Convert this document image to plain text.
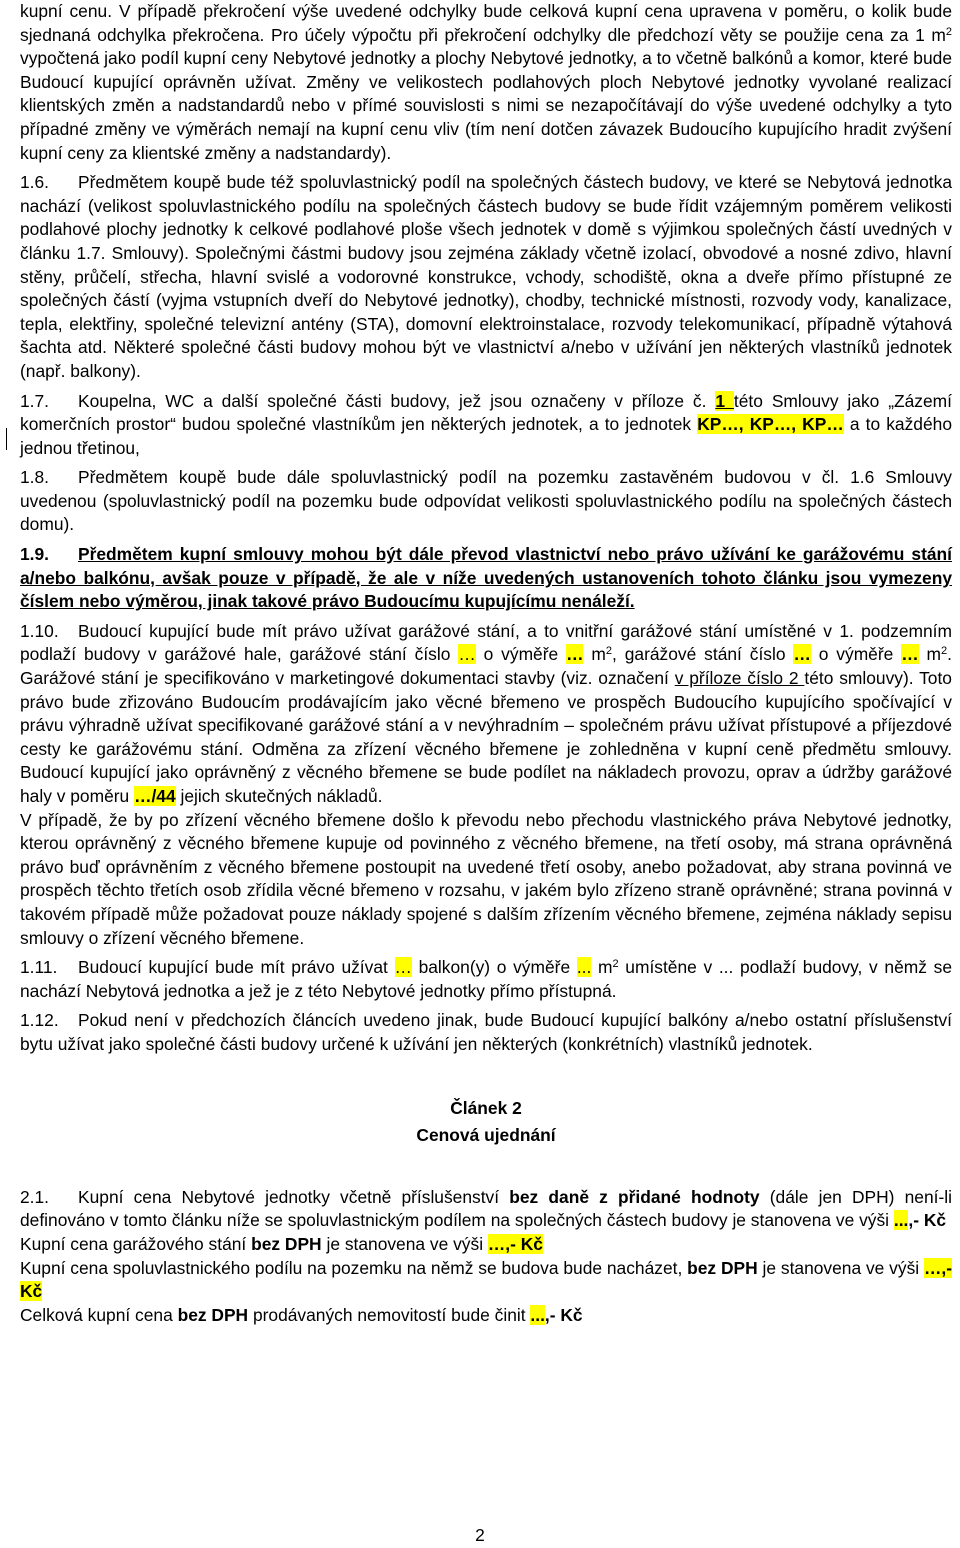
kupní cenu. V případě překročení výše uvedené odchylky bude celková kupní cena upravena v poměru, o kolik bude sjednaná odchylka překročena. Pro účely výpočtu při překročení odchylky dle předchozí věty se použije cena za 1 $m^2$ vypočtená jako podíl kupní ceny Nebytové jednotky a plochy Nebytové jednotky, a to včetně balkónů a komor, které bude Budoucí kupující oprávněn užívat. Změny ve velikostech podlahových ploch Nebytové jednotky vyvolané realizací klientských změn a nadstandardů nebo v přímé souvislosti s nimi se nezapočítávají do výše uvedené odchylky a tyto případné změny ve výměrách nemají na kupní cenu vliv (tím není dotčen závazek Budoucího kupujícího hradit zvýšení kupní ceny za klientské změny a nadstandardy).

1.6. Předmětem koupě bude též spoluvlastnický podíl na společných částech budovy, ve které se Nebytová jednotka nachází (velikost spoluvlastnického podílu na společných částech budovy se bude řídit vzájemným poměrem velikosti podlahové plochy jednotky k celkové podlahové ploše všech jednotek v domě s výjimkou společných částí uvedných v článku 1.7. Smlouvy). Společnými částmi budovy jsou zejména základy včetně izolací, obvodové a nosné zdivo, hlavní stěny, průčelí, střecha, hlavní svislé a vodorovné konstrukce, vchody, schodiště, okna a dveře přímo přístupné ze společných částí (vyjma vstupních dveří do Nebytové jednotky), chodby, technické místnosti, rozvody vody, kanalizace, tepla, elektřiny, společné televizní antény (STA), domovní elektroinstalace, rozvody telekomunikací, případně výtahová šachta atd. Některé společné části budovy mohou být ve vlastnictví a/nebo v užívání jen některých vlastníků jednotek (např. balkony).

1.7. Koupelna, WC a další společné části budovy, jež jsou označeny v příloze č. 1 této Smlouvy jako „Zázemí komerčních prostor“ budou společné vlastníkům jen některých jednotek, a to jednotek KP…, KP…, KP… a to každého jednou třetinou,

1.8. Předmětem koupě bude dále spoluvlastnický podíl na pozemku zastavěném budovou v čl. 1.6 Smlouvy uvedenou (spoluvlastnický podíl na pozemku bude odpovídat velikosti spoluvlastnického podílu na společných částech domu).

1.9. Předmětem kupní smlouvy mohou být dále převod vlastnictví nebo právo užívání ke garážovému stání a/nebo balkónu, avšak pouze v případě, že ale v níže uvedených ustanoveních tohoto článku jsou vymezeny číslem nebo výměrou, jinak takové právo Budoucímu kupujícímu nenáleží.

1.10. Budoucí kupující bude mít právo užívat garážové stání, a to vnitřní garážové stání umístěné v 1. podzemním podlaží budovy v garážové hale, garážové stání číslo … o výměře … $m^2$, garážové stání číslo … o výměře … $m^2$. Garážové stání je specifikováno v marketingové dokumentaci stavby (viz. označení v příloze číslo 2 této smlouvy). Toto právo bude zřizováno Budoucím prodávajícím jako věcné břemeno ve prospěch Budoucího kupujícího spočívající v právu výhradně užívat specifikované garážové stání a v nevýhradním – společném právu užívat přístupové a příjezdové cesty ke garážovému stání. Odměna za zřízení věcného břemene je zohledněna v kupní ceně předmětu smlouvy. Budoucí kupující jako oprávněný z věcného břemene se bude podílet na nákladech provozu, oprav a údržby garážové haly v poměru …/44 jejich skutečných nákladů.

V případě, že by po zřízení věcného břemene došlo k převodu nebo přechodu vlastnického práva Nebytové jednotky, kterou oprávněný z věcného břemene kupuje od povinného z věcného břemene, na třetí osoby, má strana oprávněná právo buď oprávněním z věcného břemene postoupit na uvedené třetí osoby, anebo požadovat, aby strana povinná ve prospěch těchto třetích osob zřídila věcné břemeno v rozsahu, v jakém bylo zřízeno straně oprávněné; strana povinná v takovém případě může požadovat pouze náklady spojené s dalším zřízením věcného břemene, zejména náklady sepisu smlouvy o zřízení věcného břemene.

1.11. Budoucí kupující bude mít právo užívat … balkon(y) o výměře ... $m^2$ umístěne v ... podlaží budovy, v němž se nachází Nebytová jednotka a jež je z této Nebytové jednotky přímo přístupná.

1.12. Pokud není v předchozích článcích uvedeno jinak, bude Budoucí kupující balkóny a/nebo ostatní příslušenství bytu užívat jako společné části budovy určené k užívání jen některých (konkrétních) vlastníků jednotek.

Článek 2

Cenová ujednání

2.1. Kupní cena Nebytové jednotky včetně příslušenství bez daně z přidané hodnoty (dále jen DPH) není-li definováno v tomto článku níže se spoluvlastnickým podílem na společných částech budovy je stanovena ve výši ...,- Kč

Kupní cena garážového stání bez DPH je stanovena ve výši …,- Kč

Kupní cena spoluvlastnického podílu na pozemku na němž se budova bude nacházet, bez DPH je stanovena ve výši …,- Kč

Celková kupní cena bez DPH prodávaných nemovitostí bude činit ...,- Kč

2
